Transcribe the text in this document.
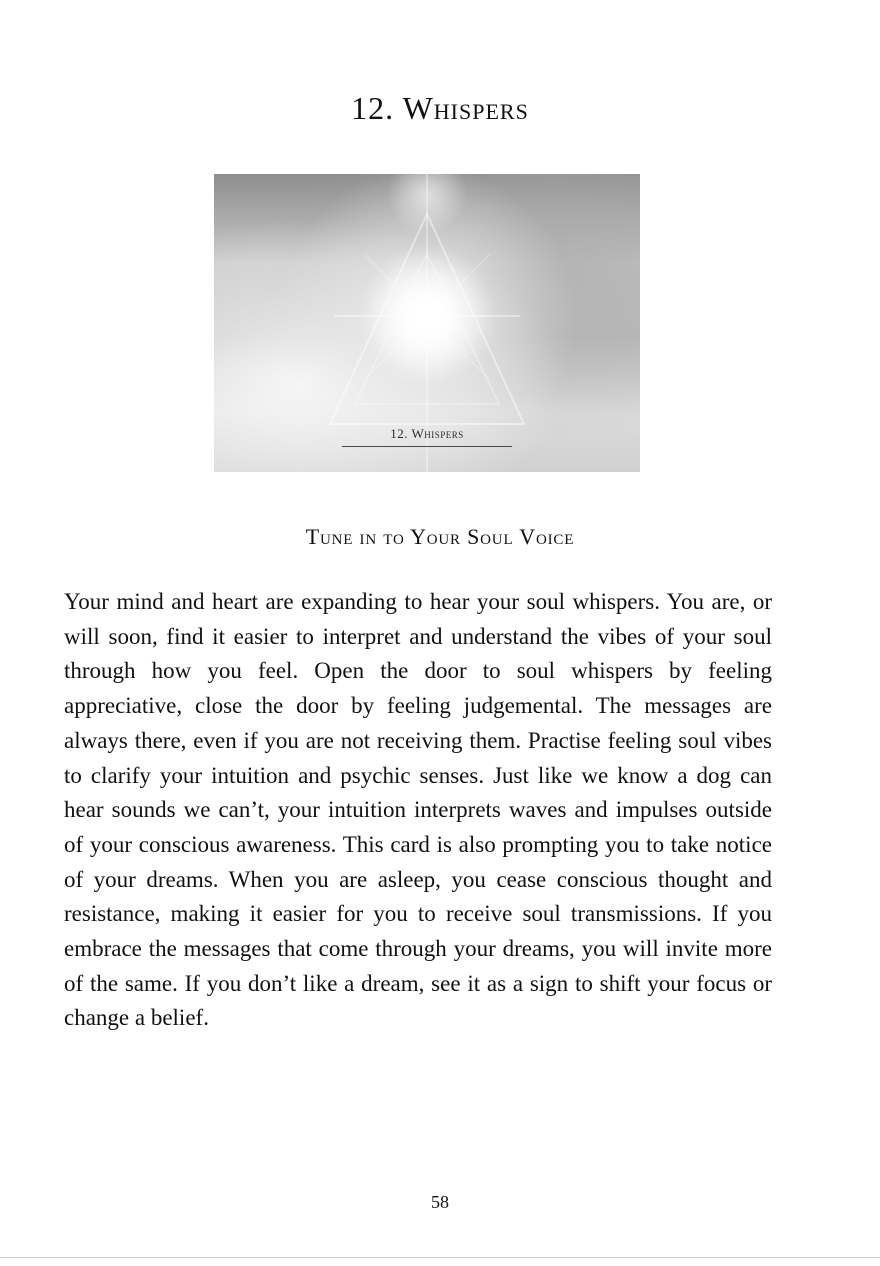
12. Whispers
12. Whispers
Tune in to Your Soul Voice

Your mind and heart are expanding to hear your soul whispers. You are, or will soon, find it easier to interpret and understand the vibes of your soul through how you feel. Open the door to soul whispers by feeling appreciative, close the door by feeling judgemental. The messages are always there, even if you are not receiving them. Practise feeling soul vibes to clarify your intuition and psychic senses. Just like we know a dog can hear sounds we can’t, your intuition interprets waves and impulses outside of your conscious awareness. This card is also prompting you to take notice of your dreams. When you are asleep, you cease conscious thought and resistance, making it easier for you to receive soul transmissions. If you embrace the messages that come through your dreams, you will invite more of the same. If you don’t like a dream, see it as a sign to shift your focus or change a belief.

58
